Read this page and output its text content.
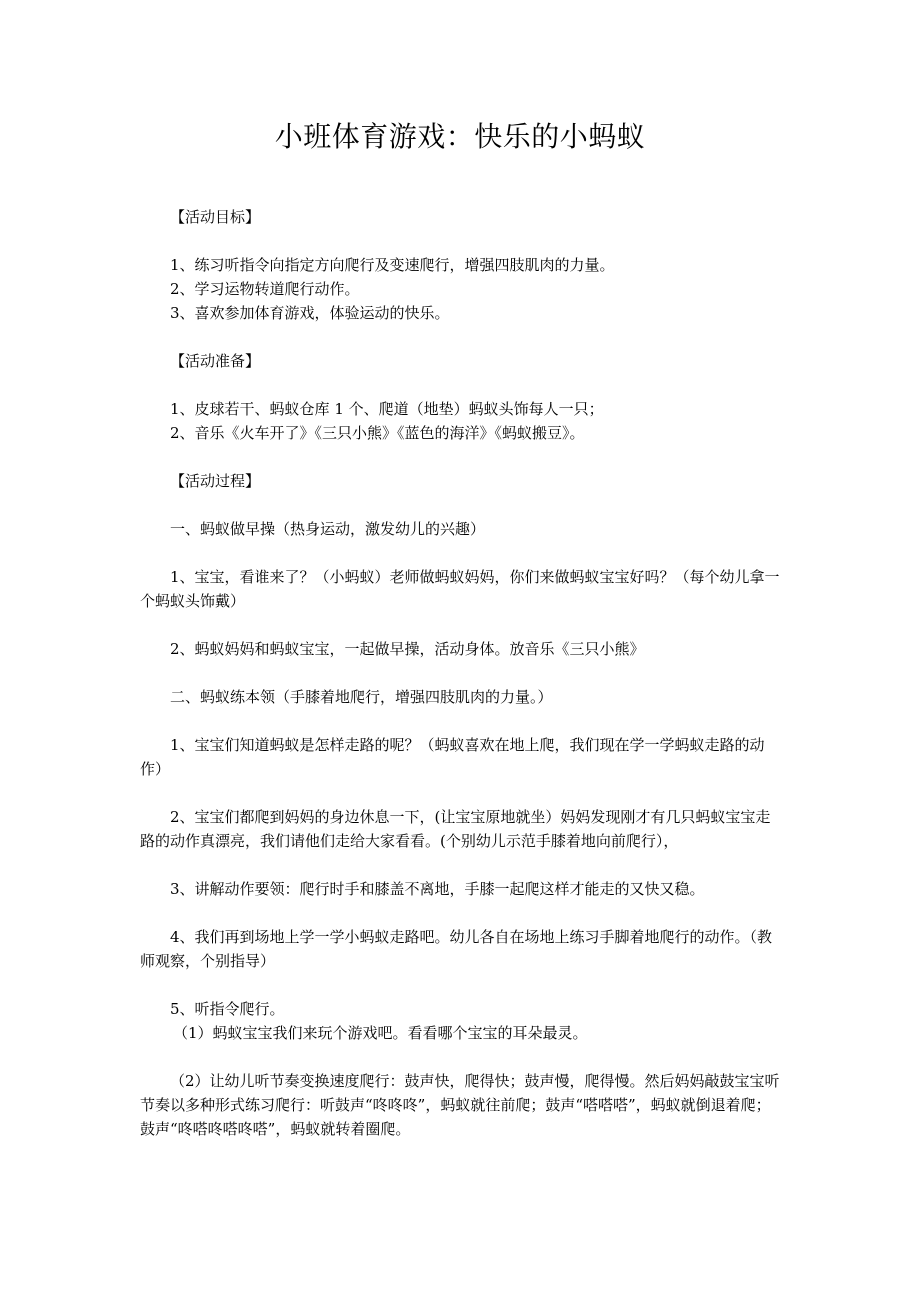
小班体育游戏：快乐的小蚂蚁

【活动目标】

1、练习听指令向指定方向爬行及变速爬行，增强四肢肌肉的力量。

2、学习运物转道爬行动作。

3、喜欢参加体育游戏，体验运动的快乐。

【活动准备】

1、皮球若干、蚂蚁仓库 1 个、爬道（地垫）蚂蚁头饰每人一只；

2、音乐《火车开了》《三只小熊》《蓝色的海洋》《蚂蚁搬豆》。

【活动过程】

一、蚂蚁做早操（热身运动，激发幼儿的兴趣）

1、宝宝，看谁来了？（小蚂蚁）老师做蚂蚁妈妈，你们来做蚂蚁宝宝好吗？（每个幼儿拿一个蚂蚁头饰戴）

2、蚂蚁妈妈和蚂蚁宝宝，一起做早操，活动身体。放音乐《三只小熊》

二、蚂蚁练本领（手膝着地爬行，增强四肢肌肉的力量。）

1、宝宝们知道蚂蚁是怎样走路的呢？（蚂蚁喜欢在地上爬，我们现在学一学蚂蚁走路的动作）

2、宝宝们都爬到妈妈的身边休息一下，(让宝宝原地就坐）妈妈发现刚才有几只蚂蚁宝宝走路的动作真漂亮，我们请他们走给大家看看。(个别幼儿示范手膝着地向前爬行），

3、讲解动作要领：爬行时手和膝盖不离地，手膝一起爬这样才能走的又快又稳。

4、我们再到场地上学一学小蚂蚁走路吧。幼儿各自在场地上练习手脚着地爬行的动作。（教师观察，个别指导）

5、听指令爬行。

（1）蚂蚁宝宝我们来玩个游戏吧。看看哪个宝宝的耳朵最灵。

（2）让幼儿听节奏变换速度爬行：鼓声快，爬得快；鼓声慢，爬得慢。然后妈妈敲鼓宝宝听节奏以多种形式练习爬行：听鼓声“咚咚咚”，蚂蚁就往前爬；鼓声“嗒嗒嗒”，蚂蚁就倒退着爬；鼓声“咚嗒咚嗒咚嗒”，蚂蚁就转着圈爬。
